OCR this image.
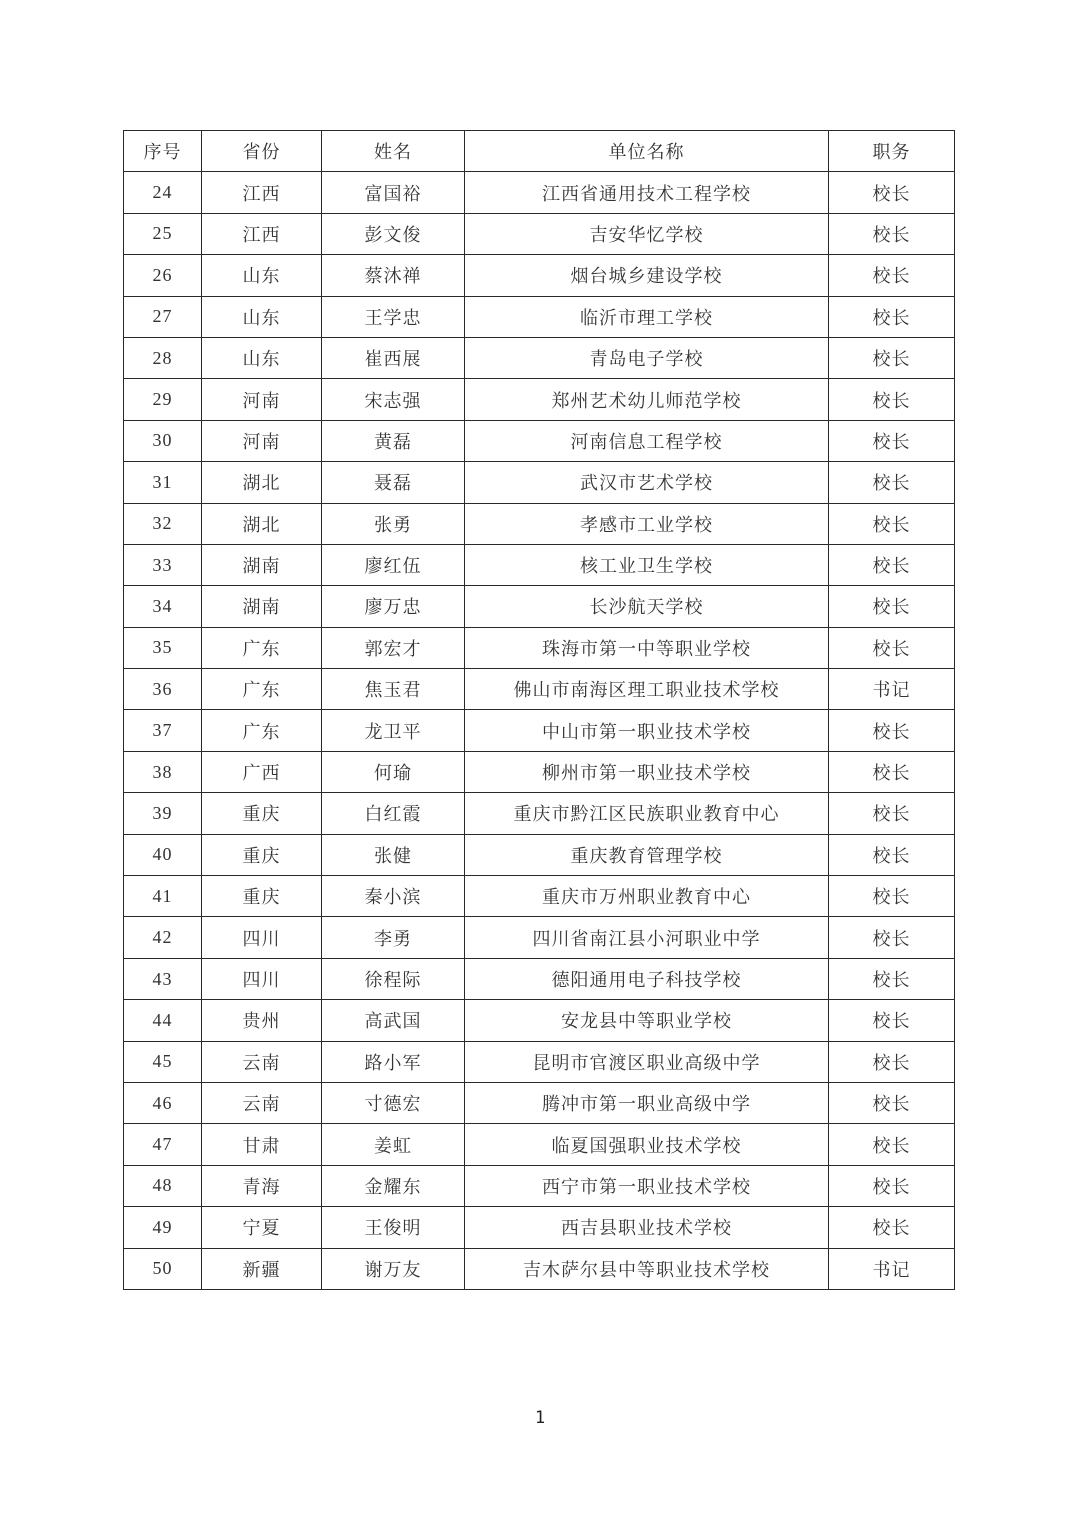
序号	省份	姓名	单位名称	职务
24	江西	富国裕	江西省通用技术工程学校	校长
25	江西	彭文俊	吉安华忆学校	校长
26	山东	蔡沐禅	烟台城乡建设学校	校长
27	山东	王学忠	临沂市理工学校	校长
28	山东	崔西展	青岛电子学校	校长
29	河南	宋志强	郑州艺术幼儿师范学校	校长
30	河南	黄磊	河南信息工程学校	校长
31	湖北	聂磊	武汉市艺术学校	校长
32	湖北	张勇	孝感市工业学校	校长
33	湖南	廖红伍	核工业卫生学校	校长
34	湖南	廖万忠	长沙航天学校	校长
35	广东	郭宏才	珠海市第一中等职业学校	校长
36	广东	焦玉君	佛山市南海区理工职业技术学校	书记
37	广东	龙卫平	中山市第一职业技术学校	校长
38	广西	何瑜	柳州市第一职业技术学校	校长
39	重庆	白红霞	重庆市黔江区民族职业教育中心	校长
40	重庆	张健	重庆教育管理学校	校长
41	重庆	秦小滨	重庆市万州职业教育中心	校长
42	四川	李勇	四川省南江县小河职业中学	校长
43	四川	徐程际	德阳通用电子科技学校	校长
44	贵州	高武国	安龙县中等职业学校	校长
45	云南	路小军	昆明市官渡区职业高级中学	校长
46	云南	寸德宏	腾冲市第一职业高级中学	校长
47	甘肃	姜虹	临夏国强职业技术学校	校长
48	青海	金耀东	西宁市第一职业技术学校	校长
49	宁夏	王俊明	西吉县职业技术学校	校长
50	新疆	谢万友	吉木萨尔县中等职业技术学校	书记
1
